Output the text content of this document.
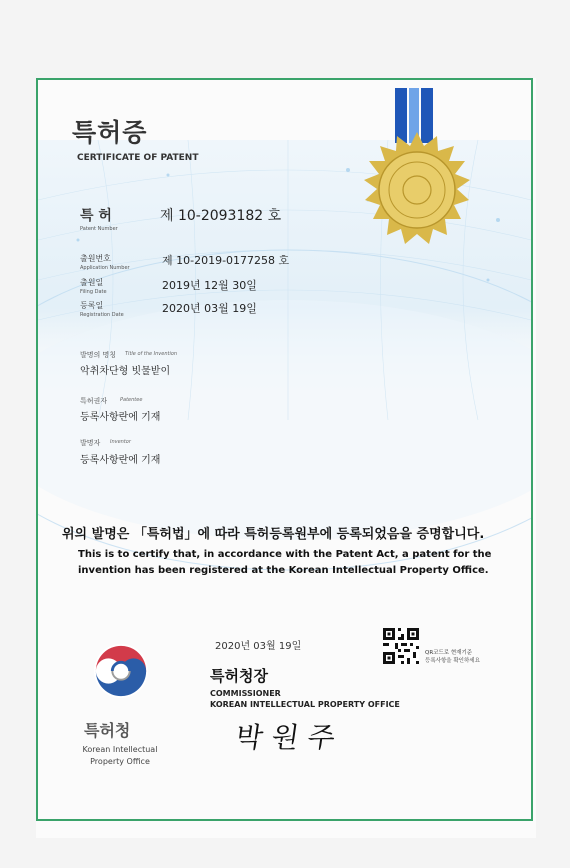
특허증
CERTIFICATE OF PATENT
특 허
Patent Number
제 10-2093182 호
출원번호
Application Number
제 10-2019-0177258 호
출원일
Filing Date	2019년 12월 30일
등록일
Registration Date	2020년 03월 19일
발명의 명칭 Title of the Invention
악취차단형 빗물받이
특허권자	Patentee
등록사항란에 기재
발명자 Inventor
등록사항란에 기재
위의 발명은 「특허법」에 따라 특허등록원부에 등록되었음을 증명합니다.
This is to certify that, in accordance with the Patent Act, a patent for the invention has been registered at the Korean Intellectual Property Office.
2020년 03월 19일
QR코드로 현재기준
등록사항을 확인하세요
특허청장
COMMISSIONER
KOREAN INTELLECTUAL PROPERTY OFFICE
특허청
Korean Intellectual Property Office
박 원 주
